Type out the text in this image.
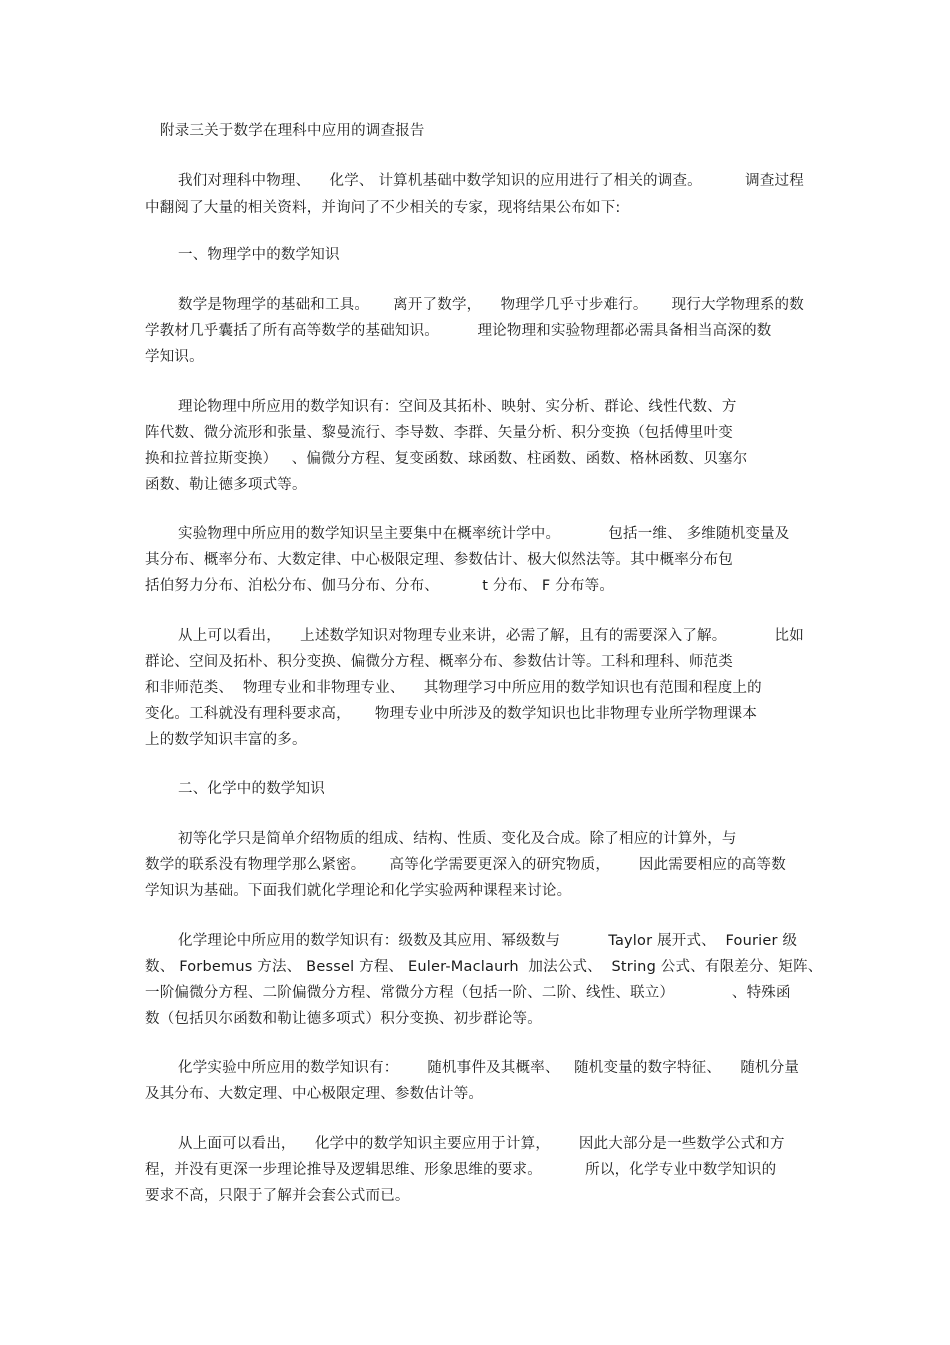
附录三关于数学在理科中应用的调查报告
我们对理科中物理、    化学、 计算机基础中数学知识的应用进行了相关的调查。         调查过程
中翻阅了大量的相关资料，并询问了不少相关的专家，现将结果公布如下:
一、物理学中的数学知识
数学是物理学的基础和工具。     离开了数学，    物理学几乎寸步难行。     现行大学物理系的数
学教材几乎囊括了所有高等数学的基础知识。        理论物理和实验物理都必需具备相当高深的数
学知识。
理论物理中所应用的数学知识有：空间及其拓朴、映射、实分析、群论、线性代数、方
阵代数、微分流形和张量、黎曼流行、李导数、李群、矢量分析、积分变换（包括傅里叶变
换和拉普拉斯变换）   、偏微分方程、复变函数、球函数、柱函数、函数、格林函数、贝塞尔
函数、勒让德多项式等。
实验物理中所应用的数学知识呈主要集中在概率统计学中。          包括一维、 多维随机变量及
其分布、概率分布、大数定律、中心极限定理、参数估计、极大似然法等。其中概率分布包
括伯努力分布、泊松分布、伽马分布、分布、         t 分布、 F 分布等。
从上可以看出，    上述数学知识对物理专业来讲，必需了解，且有的需要深入了解。          比如
群论、空间及拓朴、积分变换、偏微分方程、概率分布、参数估计等。工科和理科、师范类
和非师范类、  物理专业和非物理专业、    其物理学习中所应用的数学知识也有范围和程度上的
变化。工科就没有理科要求高，     物理专业中所涉及的数学知识也比非物理专业所学物理课本
上的数学知识丰富的多。
二、化学中的数学知识
初等化学只是简单介绍物质的组成、结构、性质、变化及合成。除了相应的计算外，与
数学的联系没有物理学那么紧密。     高等化学需要更深入的研究物质，      因此需要相应的高等数
学知识为基础。下面我们就化学理论和化学实验两种课程来讨论。
化学理论中所应用的数学知识有：级数及其应用、幂级数与          Taylor 展开式、  Fourier 级
数、 Forbemus 方法、 Bessel 方程、 Euler-Maclaurh  加法公式、  String 公式、有限差分、矩阵、
一阶偏微分方程、二阶偏微分方程、常微分方程（包括一阶、二阶、线性、联立）            、特殊函
数（包括贝尔函数和勒让德多项式）积分变换、初步群论等。
化学实验中所应用的数学知识有：      随机事件及其概率、   随机变量的数字特征、    随机分量
及其分布、大数定理、中心极限定理、参数估计等。
从上面可以看出，    化学中的数学知识主要应用于计算，      因此大部分是一些数学公式和方
程，并没有更深一步理论推导及逻辑思维、形象思维的要求。         所以，化学专业中数学知识的
要求不高，只限于了解并会套公式而已。
